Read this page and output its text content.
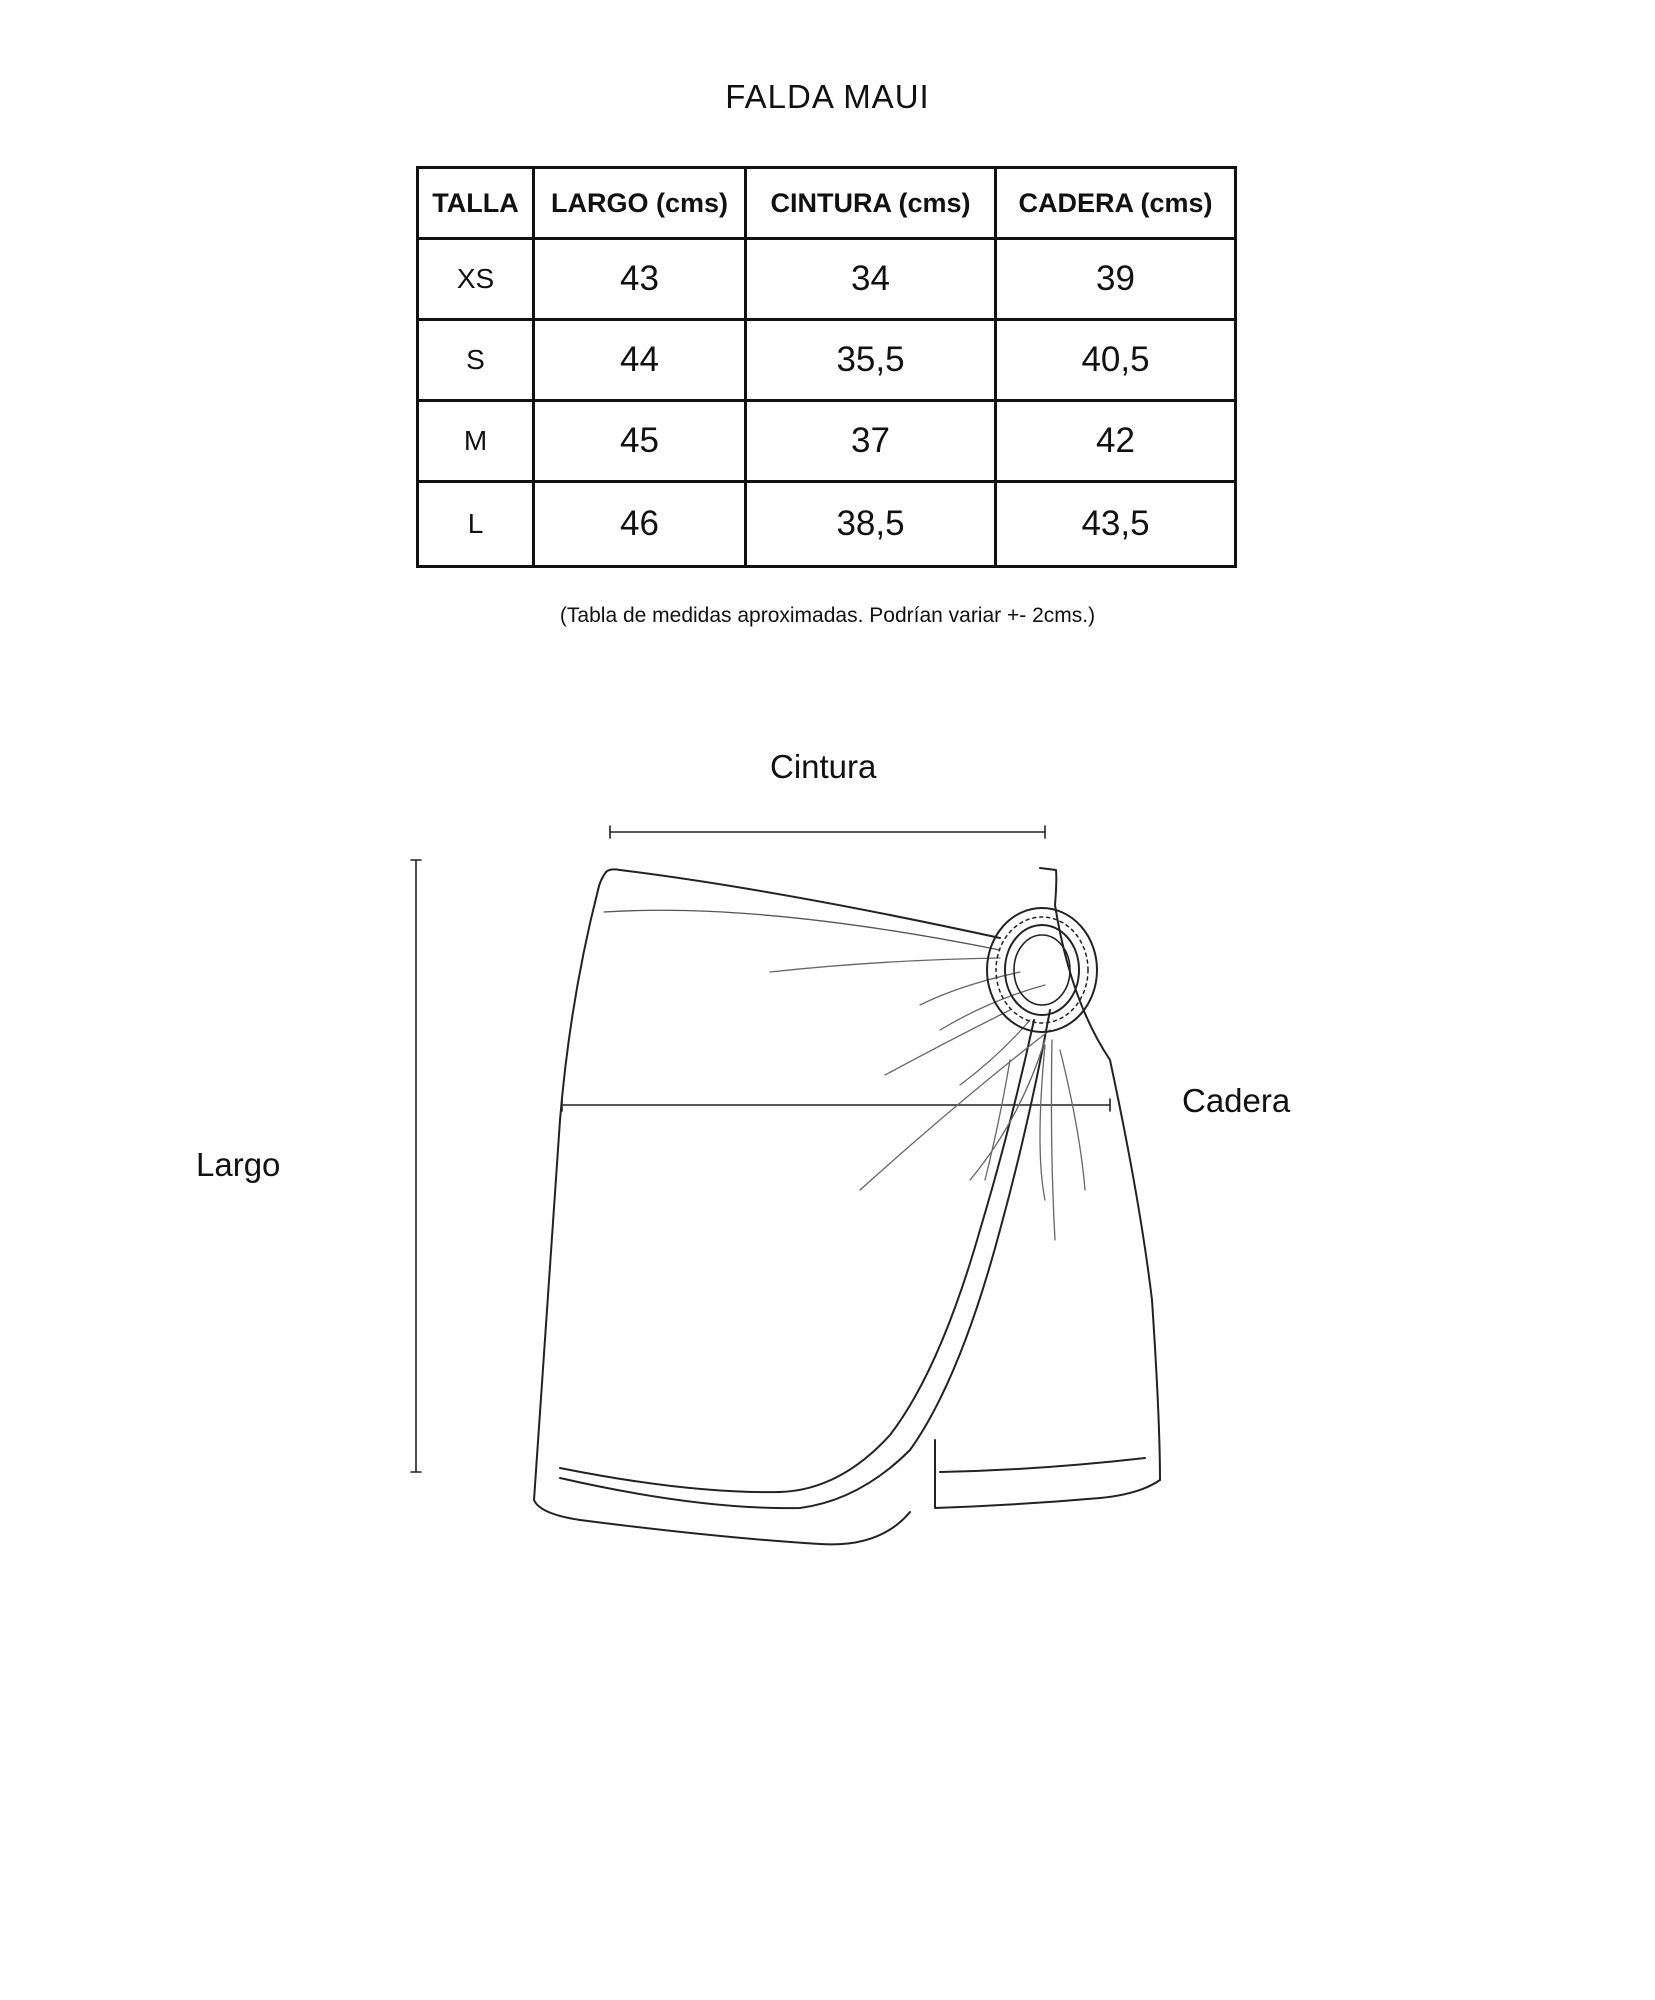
FALDA MAUI
TALLA	LARGO (cms)	CINTURA (cms)	CADERA (cms)
XS	43	34	39
S	44	35,5	40,5
M	45	37	42
L	46	38,5	43,5
(Tabla de medidas aproximadas. Podrían variar +- 2cms.)
Cintura
Cadera
Largo
